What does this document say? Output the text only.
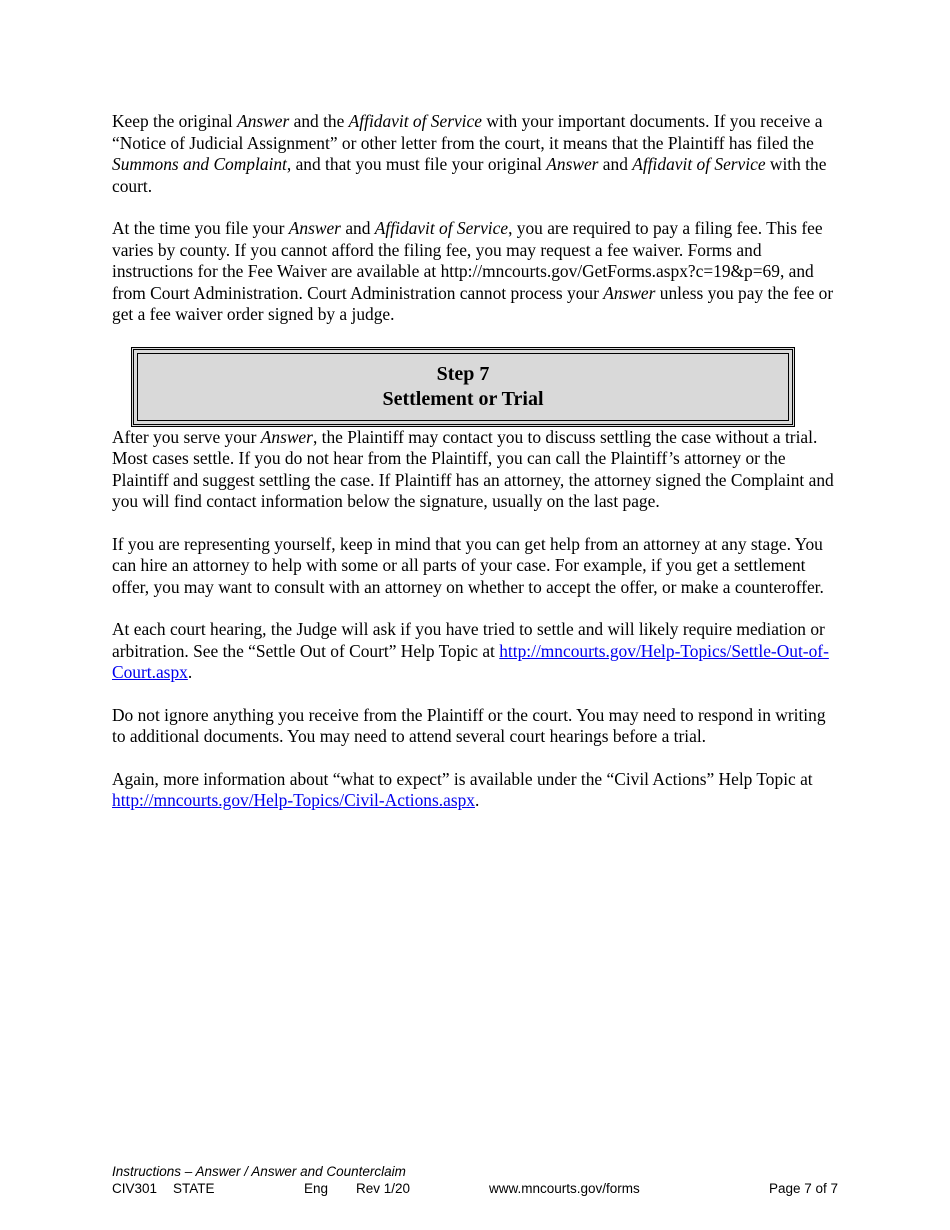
Keep the original Answer and the Affidavit of Service with your important documents. If you receive a “Notice of Judicial Assignment” or other letter from the court, it means that the Plaintiff has filed the Summons and Complaint, and that you must file your original Answer and Affidavit of Service with the court.

At the time you file your Answer and Affidavit of Service, you are required to pay a filing fee. This fee varies by county. If you cannot afford the filing fee, you may request a fee waiver. Forms and instructions for the Fee Waiver are available at http://mncourts.gov/GetForms.aspx?c=19&p=69, and from Court Administration. Court Administration cannot process your Answer unless you pay the fee or get a fee waiver order signed by a judge.

Step 7
Settlement or Trial

After you serve your Answer, the Plaintiff may contact you to discuss settling the case without a trial. Most cases settle. If you do not hear from the Plaintiff, you can call the Plaintiff’s attorney or the Plaintiff and suggest settling the case. If Plaintiff has an attorney, the attorney signed the Complaint and you will find contact information below the signature, usually on the last page.

If you are representing yourself, keep in mind that you can get help from an attorney at any stage. You can hire an attorney to help with some or all parts of your case. For example, if you get a settlement offer, you may want to consult with an attorney on whether to accept the offer, or make a counteroffer.

At each court hearing, the Judge will ask if you have tried to settle and will likely require mediation or arbitration. See the “Settle Out of Court” Help Topic at http://mncourts.gov/Help-Topics/Settle-Out-of-Court.aspx.

Do not ignore anything you receive from the Plaintiff or the court. You may need to respond in writing to additional documents. You may need to attend several court hearings before a trial.

Again, more information about “what to expect” is available under the “Civil Actions” Help Topic at http://mncourts.gov/Help-Topics/Civil-Actions.aspx.

Instructions – Answer / Answer and Counterclaim
CIV301 STATE	Eng Rev 1/20	www.mncourts.gov/forms	Page 7 of 7
